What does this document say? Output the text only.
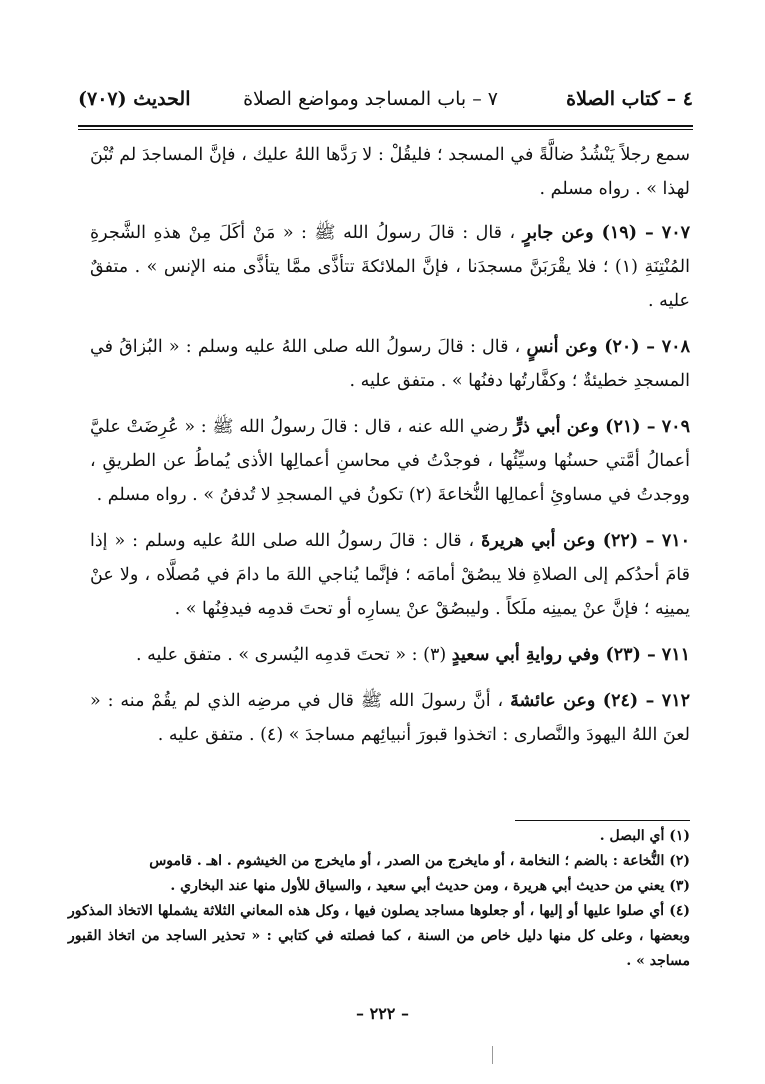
٤ – كتاب الصلاة
٧ – باب المساجد ومواضع الصلاة
الحديث (٧٠٧)

سمع رجلاً يَنْشُدُ ضالَّةً في المسجد ؛ فليقُلْ : لا رَدَّها اللهُ عليك ، فإنَّ المساجدَ لم تُبْنَ لهذا » . رواه مسلم .

٧٠٧ – (١٩) وعن جابرٍ ، قال : قالَ رسولُ الله ﷺ : « مَنْ أكَلَ مِنْ هذهِ الشَّجرةِ المُنْتِنَةِ (١) ؛ فلا يقْرَبَنَّ مسجدَنا ، فإنَّ الملائكةَ تتأذَّى ممَّا يتأذَّى منه الإنس » . متفقٌ عليه .

٧٠٨ – (٢٠) وعن أنسٍ ، قال : قالَ رسولُ الله صلى اللهُ عليه وسلم : « البُزاقُ في المسجدِ خطيئةٌ ؛ وكفَّارتُها دفنُها » . متفق عليه .

٧٠٩ – (٢١) وعن أبي ذرٍّ رضي الله عنه ، قال : قالَ رسولُ الله ﷺ : « عُرِضَتْ عليَّ أعمالُ أمَّتي حسنُها وسيِّئُها ، فوجدْتُ في محاسنِ أعمالِها الأذى يُماطُ عن الطريقِ ، ووجدتُ في مساوئِ أعمالِها النُّخاعةَ (٢) تكونُ في المسجدِ لا تُدفنُ » . رواه مسلم .

٧١٠ – (٢٢) وعن أبي هريرةَ ، قال : قالَ رسولُ الله صلى اللهُ عليه وسلم : « إذا قامَ أحدُكم إلى الصلاةِ فلا يبصُقْ أمامَه ؛ فإنَّما يُناجي اللهَ ما دامَ في مُصلَّاه ، ولا عنْ يمينِه ؛ فإنَّ عنْ يمينِه ملَكاً . وليبصُقْ عنْ يسارِه أو تحتَ قدمِه فيدفِنُها » .

٧١١ – (٢٣) وفي روايةِ أبي سعيدٍ (٣) : « تحتَ قدمِه اليُسرى » . متفق عليه .

٧١٢ – (٢٤) وعن عائشةَ ، أنَّ رسولَ الله ﷺ قال في مرضِه الذي لم يقُمْ منه : « لعنَ اللهُ اليهودَ والنَّصارى : اتخذوا قبورَ أنبيائِهم مساجدَ » (٤) . متفق عليه .

(١) أي البصل .

(٢) النُّخاعة : بالضم ؛ النخامة ، أو مايخرج من الصدر ، أو مايخرج من الخيشوم . اهـ . قاموس

(٣) يعني من حديث أبي هريرة ، ومن حديث أبي سعيد ، والسياق للأول منها عند البخاري .

(٤) أي صلوا عليها أو إليها ، أو جعلوها مساجد يصلون فيها ، وكل هذه المعاني الثلاثة يشملها الاتخاذ المذكور وبعضها ، وعلى كل منها دليل خاص من السنة ، كما فصلته في كتابي : « تحذير الساجد من اتخاذ القبور مساجد » .

– ٢٢٢ –
